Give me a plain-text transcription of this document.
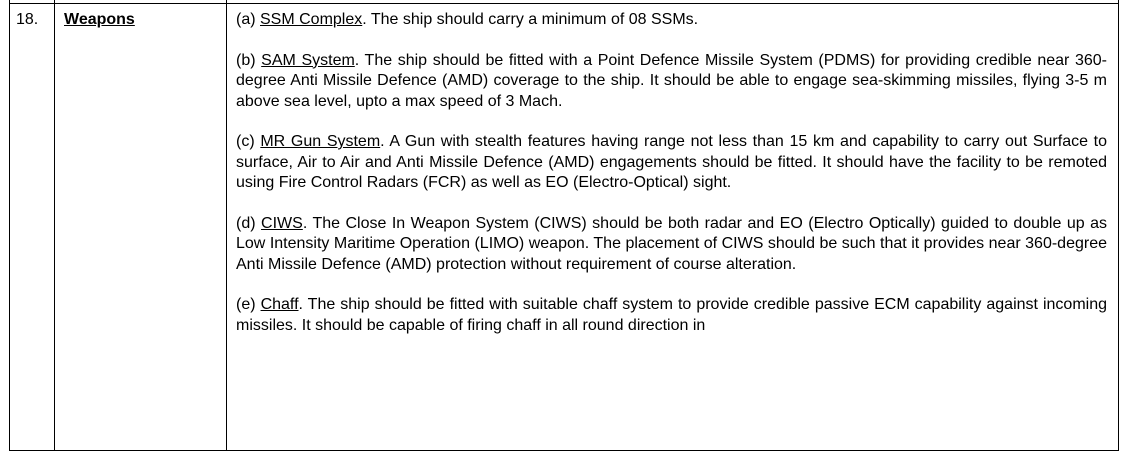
18.	Weapons	(a) SSM Complex. The ship should carry a minimum of 08 SSMs.

(b) SAM System. The ship should be fitted with a Point Defence Missile System (PDMS) for providing credible near 360-degree Anti Missile Defence (AMD) coverage to the ship. It should be able to engage sea-skimming missiles, flying 3-5 m above sea level, upto a max speed of 3 Mach.

(c) MR Gun System. A Gun with stealth features having range not less than 15 km and capability to carry out Surface to surface, Air to Air and Anti Missile Defence (AMD) engagements should be fitted. It should have the facility to be remoted using Fire Control Radars (FCR) as well as EO (Electro-Optical) sight.

(d) CIWS. The Close In Weapon System (CIWS) should be both radar and EO (Electro Optically) guided to double up as Low Intensity Maritime Operation (LIMO) weapon. The placement of CIWS should be such that it provides near 360-degree Anti Missile Defence (AMD) protection without requirement of course alteration.

(e) Chaff. The ship should be fitted with suitable chaff system to provide credible passive ECM capability against incoming missiles. It should be capable of firing chaff in all round direction in
